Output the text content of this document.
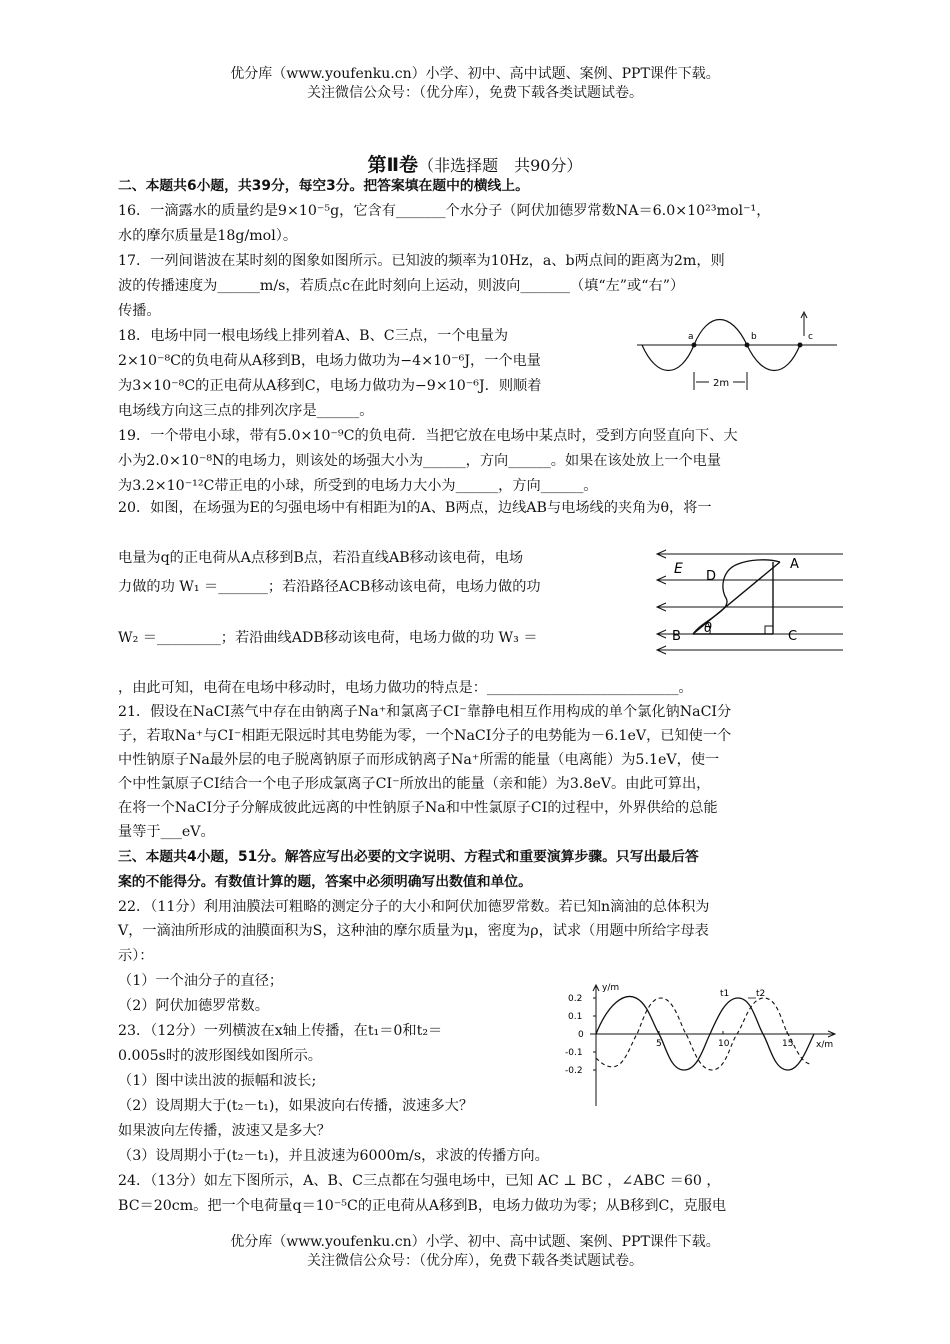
优分库（www.youfenku.cn）小学、初中、高中试题、案例、PPT课件下载。
关注微信公众号：（优分库），免费下载各类试题试卷。
第Ⅱ卷（非选择题　共90分）
二、本题共6小题，共39分，每空3分。把答案填在题中的横线上。
16．一滴露水的质量约是9×10⁻⁵g，它含有_______个水分子（阿伏加德罗常数NA＝6.0×10²³mol⁻¹，
水的摩尔质量是18g/mol）。
17．一列间谐波在某时刻的图象如图所示。已知波的频率为10Hz，a、b两点间的距离为2m，则
波的传播速度为______m/s，若质点c在此时刻向上运动，则波向_______（填“左”或“右”）
传播。
18．电场中同一根电场线上排列着A、B、C三点，一个电量为
2×10⁻⁸C的负电荷从A移到B，电场力做功为−4×10⁻⁶J，一个电量
为3×10⁻⁸C的正电荷从A移到C，电场力做功为−9×10⁻⁶J．则顺着
电场线方向这三点的排列次序是______。
19．一个带电小球，带有5.0×10⁻⁹C的负电荷．当把它放在电场中某点时，受到方向竖直向下、大
小为2.0×10⁻⁸N的电场力，则该处的场强大小为______，方向______。如果在该处放上一个电量
为3.2×10⁻¹²C带正电的小球，所受到的电场力大小为______，方向______。
20．如图，在场强为E的匀强电场中有相距为l的A、B两点，边线AB与电场线的夹角为θ，将一
电量为q的正电荷从A点移到B点，若沿直线AB移动该电荷，电场
力做的功 W₁ ＝_______；若沿路径ACB移动该电荷，电场力做的功
W₂ ＝_________；若沿曲线ADB移动该电荷，电场力做的功 W₃ ＝
，由此可知，电荷在电场中移动时，电场力做功的特点是：___________________________。
21．假设在NaCI蒸气中存在由钠离子Na⁺和氯离子CI⁻靠静电相互作用构成的单个氯化钠NaCI分
子，若取Na⁺与CI⁻相距无限远时其电势能为零，一个NaCI分子的电势能为－6.1eV，已知使一个
中性钠原子Na最外层的电子脱离钠原子而形成钠离子Na⁺所需的能量（电离能）为5.1eV，使一
个中性氯原子CI结合一个电子形成氯离子CI⁻所放出的能量（亲和能）为3.8eV。由此可算出，
在将一个NaCI分子分解成彼此远离的中性钠原子Na和中性氯原子CI的过程中，外界供给的总能
量等于___eV。
三、本题共4小题，51分。解答应写出必要的文字说明、方程式和重要演算步骤。只写出最后答
案的不能得分。有数值计算的题，答案中必须明确写出数值和单位。
22．（11分）利用油膜法可粗略的测定分子的大小和阿伏加德罗常数。若已知n滴油的总体积为
V，一滴油所形成的油膜面积为S，这种油的摩尔质量为μ，密度为ρ，试求（用题中所给字母表
示）：
（1）一个油分子的直径；
（2）阿伏加德罗常数。
23．（12分）一列横波在x轴上传播，在t₁＝0和t₂＝
0.005s时的波形图线如图所示。
（1）图中读出波的振幅和波长;
（2）设周期大于(t₂－t₁)，如果波向右传播，波速多大？
如果波向左传播，波速又是多大？
（3）设周期小于(t₂－t₁)，并且波速为6000m/s，求波的传播方向。
24．（13分）如左下图所示，A、B、C三点都在匀强电场中，已知 AC ⊥ BC ，∠ABC ＝60 ，
BC＝20cm。把一个电荷量q＝10⁻⁵C的正电荷从A移到B，电场力做功为零；从B移到C，克服电
a	b	c
2m
E D
A
B	C
θ
y/m
x/m
0.2
0.1
0
-0.1
-0.2
5	10	15
t1	t2
优分库（www.youfenku.cn）小学、初中、高中试题、案例、PPT课件下载。
关注微信公众号：（优分库），免费下载各类试题试卷。
